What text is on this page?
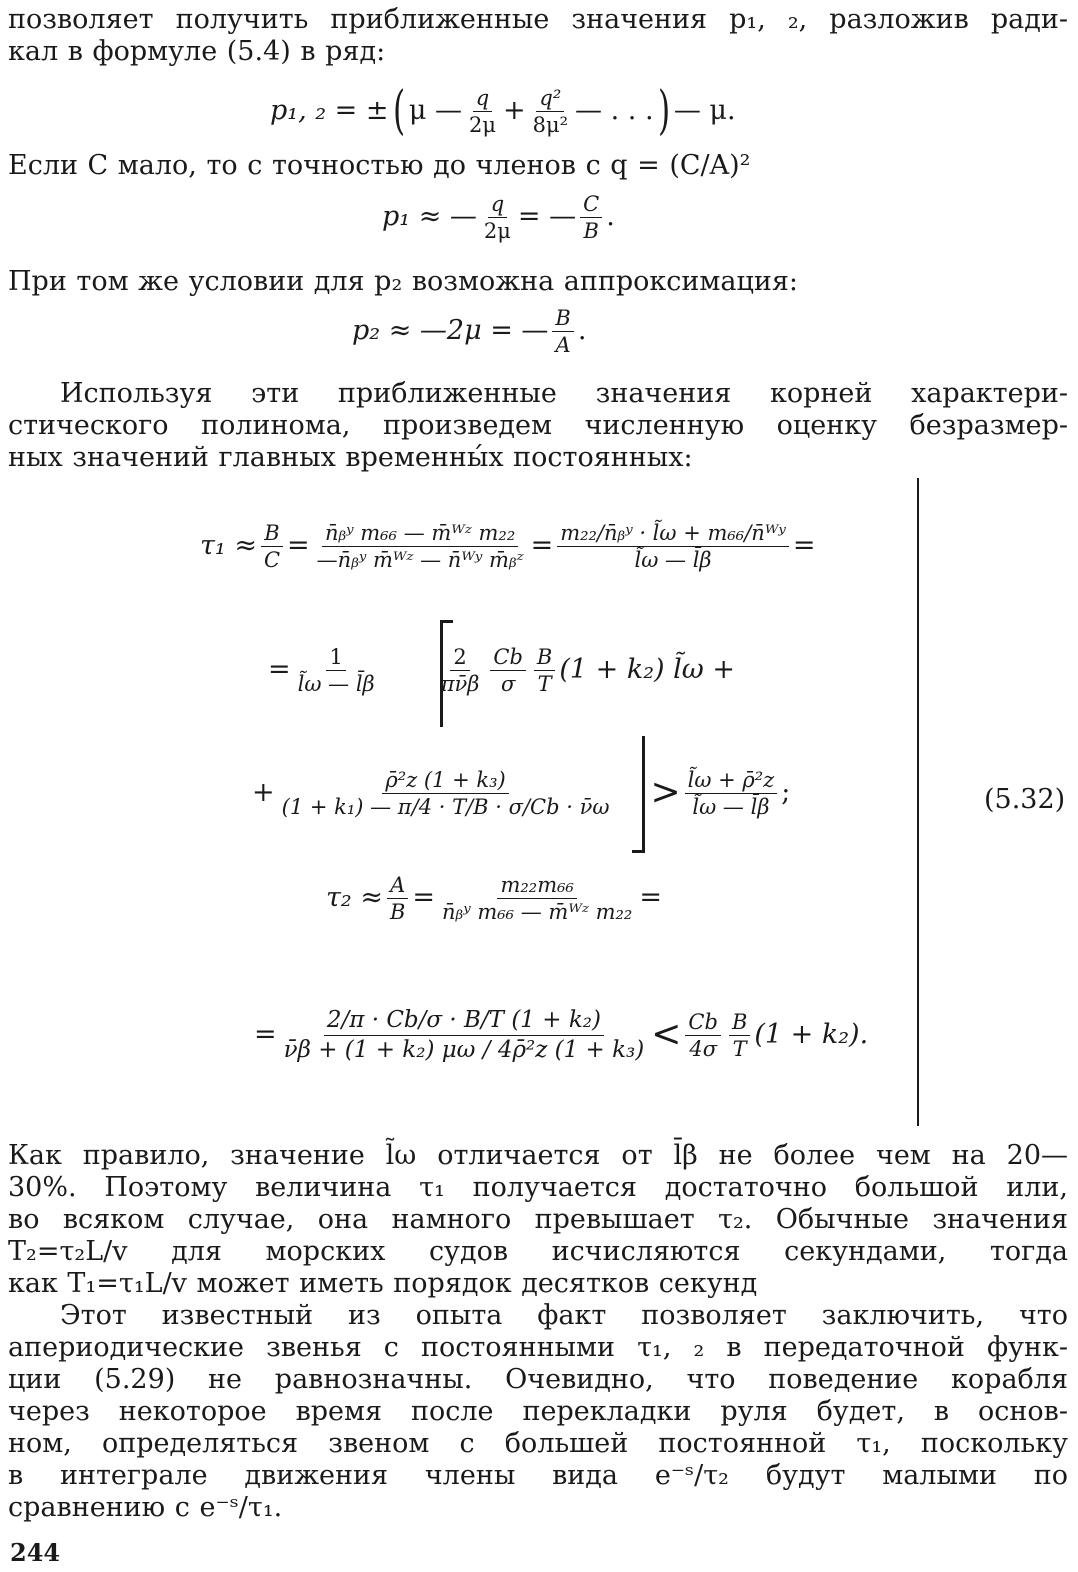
позволяет получить приближенные значения p₁, ₂, разложив ради-
кал в формуле (5.4) в ряд:
p₁, ₂ = ± ( μ — $\frac{q}{2\mu} + \frac{\text{q²}}{\text{8μ²}}$ — . . . ) — μ.
Если C мало, то с точностью до членов с q = (C/A)²
p₁ ≈ — $\frac{q}{2\mu}$ = — $\frac{C}{B}$ .
При том же условии для p₂ возможна аппроксимация:
p₂ ≈ —2μ = — $\frac{B}{A}$ .
Используя эти приближенные значения корней характери-
стического полинома, произведем численную оценку безразмер-
ных значений главных временны́х постоянных:
$\tau_1 \approx \frac{B}{C} = \frac{\text{n̄ᵦʸ m₆₆ — m̄ᵂᶻ m₂₂}}{\text{—n̄ᵦʸ m̄ᵂᶻ — n̄ᵂʸ m̄ᵦᶻ}} = \frac{\text{m₂₂/n̄ᵦʸ · l̃ω + m₆₆/n̄ᵂʸ}}{l̃\omega — l̄\beta}$ =
= $\frac{1}{l̃\omega — l̄\beta}$	$\frac{2}{\pi\nū\beta} \frac{Cb}{\sigma} \frac{B}{T} (1 + k_2)$ l̃ω +
+ $\frac{\text{ρ̄²z (1 + k₃)}}{\text{(1 + k₁) — π/4 · T/B · σ/Cb · ν̄ω}} > \frac{\text{l̃ω + ρ̄²z}}{l̃\omega — l̄\beta}$ ;	(5.32)
$\tau_2 \approx \frac{A}{B} = \frac{\text{m₂₂m₆₆}}{\text{n̄ᵦʸ m₆₆ — m̄ᵂᶻ m₂₂}}$ =
= $\frac{\text{2/π · Cb/σ · B/T (1 + k₂)}}{\text{ν̄β + (1 + k₂) μω / 4ρ̄²z (1 + k₃)}} < \frac{Cb}{4\sigma} \frac{B}{T} (1 + k_2)$.
Как правило, значение l̃ω отличается от l̄β не более чем на 20—
30%. Поэтому величина τ₁ получается достаточно большой или,
во всяком случае, она намного превышает τ₂. Обычные значения
T₂=τ₂L/v для морских судов исчисляются секундами, тогда
как T₁=τ₁L/v может иметь порядок десятков секунд
Этот известный из опыта факт позволяет заключить, что
апериодические звенья с постоянными τ₁, ₂ в передаточной функ-
ции (5.29) не равнозначны. Очевидно, что поведение корабля
через некоторое время после перекладки руля будет, в основ-
ном, определяться звеном с большей постоянной τ₁, поскольку
в интеграле движения члены вида e⁻ˢ/τ₂ будут малыми по
сравнению с e⁻ˢ/τ₁.
244
